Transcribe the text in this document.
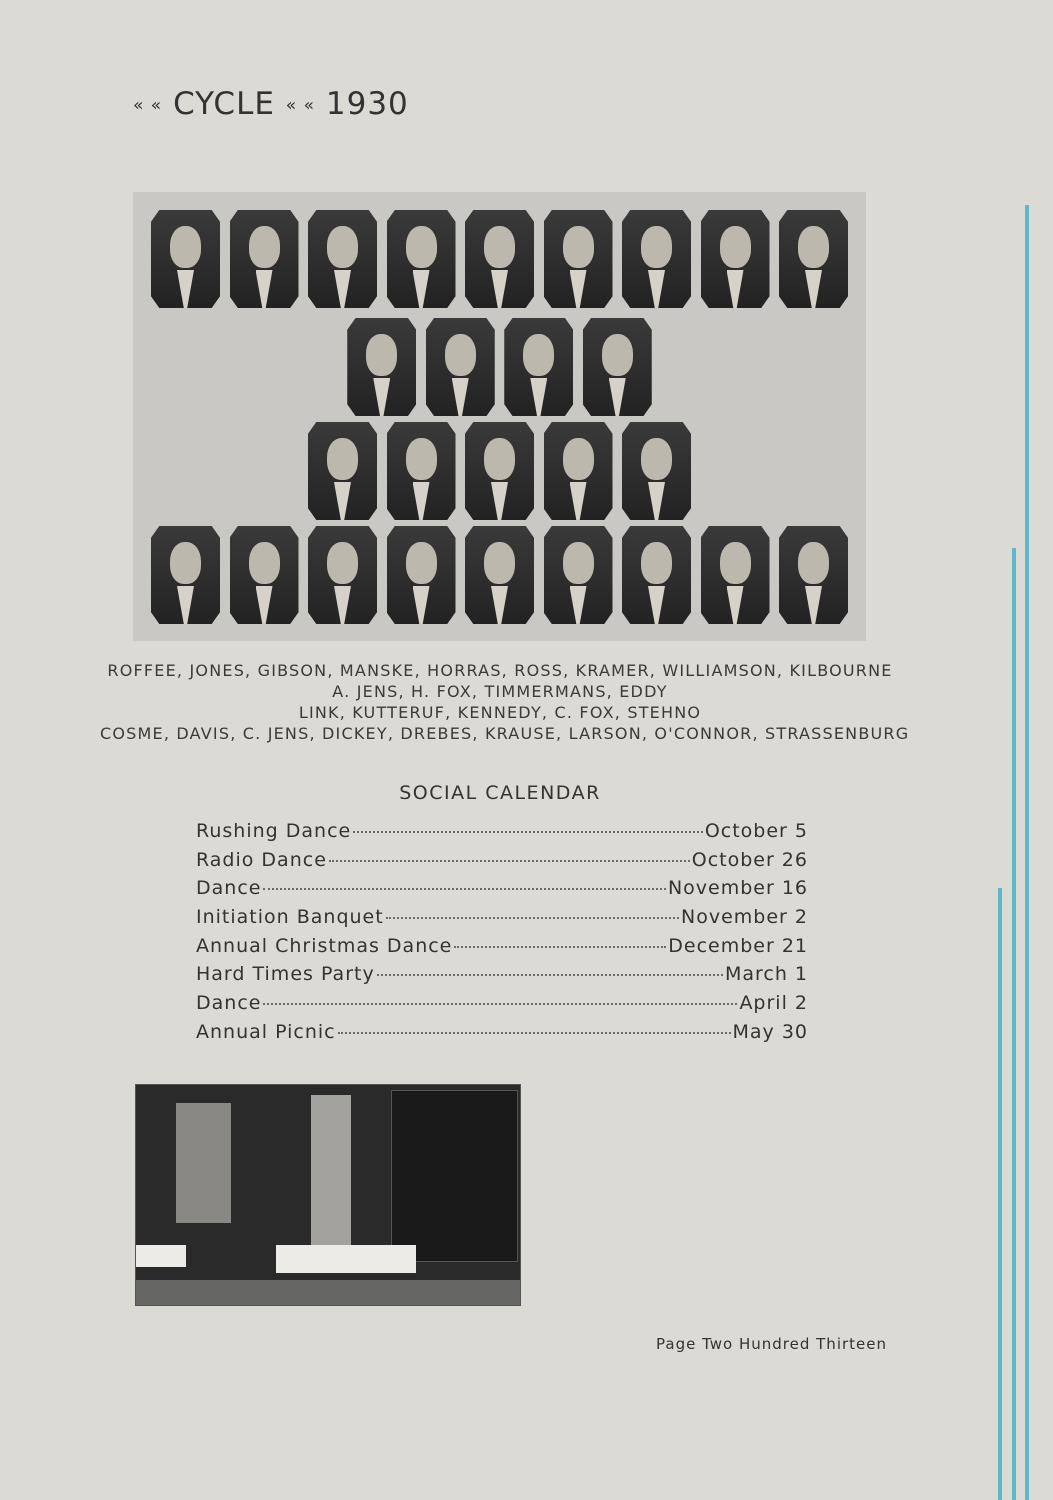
« « CYCLE « « 1930
ROFFEE, JONES, GIBSON, MANSKE, HORRAS, ROSS, KRAMER, WILLIAMSON, KILBOURNE
A. JENS, H. FOX, TIMMERMANS, EDDY
LINK, KUTTERUF, KENNEDY, C. FOX, STEHNO
COSME, DAVIS, C. JENS, DICKEY, DREBES, KRAUSE, LARSON, O'CONNOR, STRASSENBURG
SOCIAL CALENDAR
Rushing Dance	October 5
Radio Dance	October 26
Dance	November 16
Initiation Banquet	November 2
Annual Christmas Dance	December 21
Hard Times Party	March 1
Dance	April 2
Annual Picnic	May 30
Page Two Hundred Thirteen
